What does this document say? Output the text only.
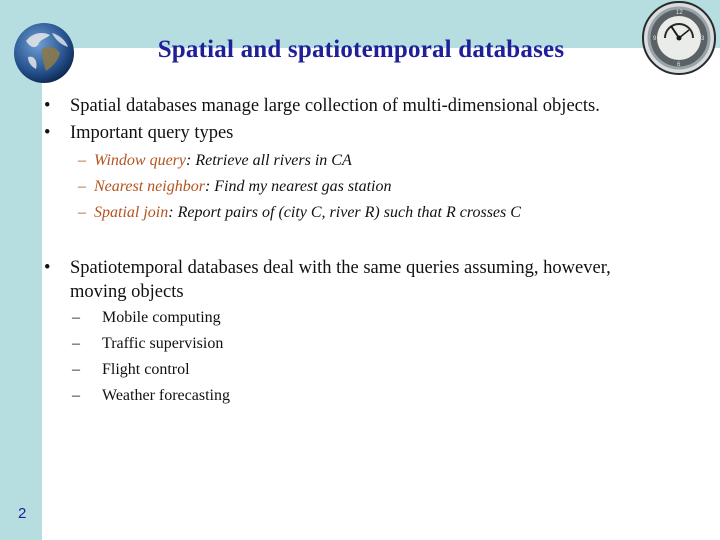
12
3
6
9
Spatial and spatiotemporal databases
• Spatial databases manage large collection of multi-dimensional objects.
• Important query types
– Window query: Retrieve all rivers in CA
– Nearest neighbor: Find my nearest gas station
– Spatial join: Report pairs of (city C, river R) such that R crosses C
• Spatiotemporal databases deal with the same queries assuming, however,
moving objects
– Mobile computing
– Traffic supervision
– Flight control
– Weather forecasting
2
